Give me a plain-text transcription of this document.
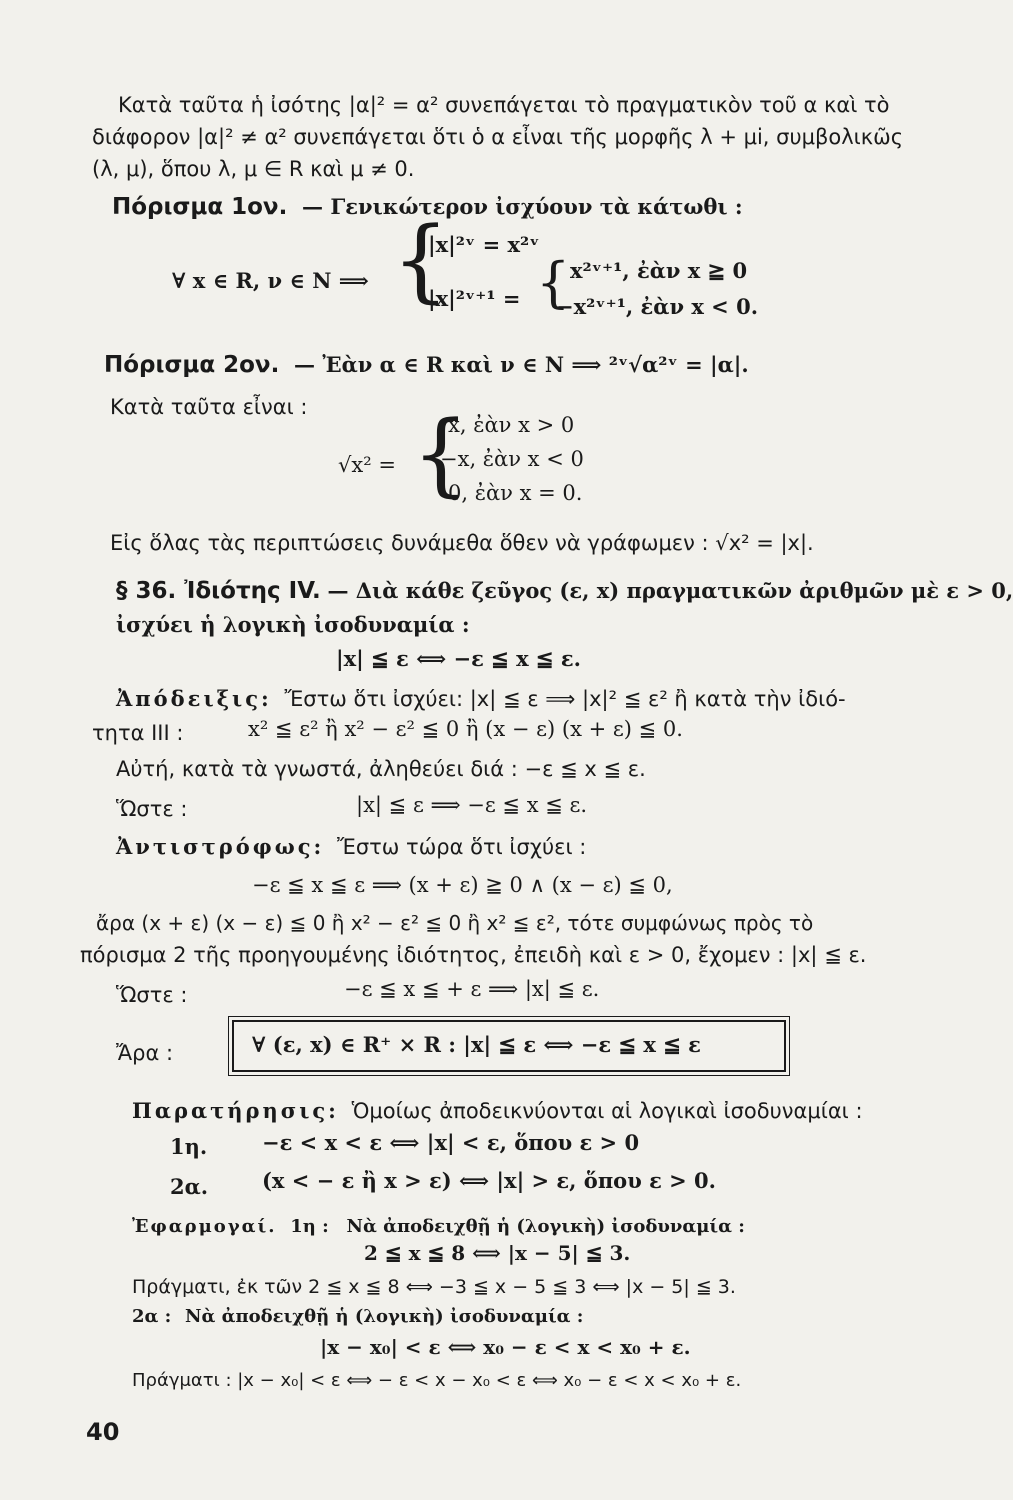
Κατὰ ταῦτα ἡ ἰσότης |α|² = α² συνεπάγεται τὸ πραγματικὸν τοῦ α καὶ τὸ
διάφορον |α|² ≠ α² συνεπάγεται ὅτι ὁ α εἶναι τῆς μορφῆς λ + μi, συμβολικῶς
(λ, μ), ὅπου λ, μ ∈ R καὶ μ ≠ 0.
Πόρισμα 1ον. — Γενικώτερον ἰσχύουν τὰ κάτωθι :
∀ x ∈ R, ν ∈ N ⟹ {
|x|²ᵛ = x²ᵛ
|x|²ᵛ⁺¹ = { x²ᵛ⁺¹, ἐὰν x ≧ 0
−x²ᵛ⁺¹, ἐὰν x < 0.
Πόρισμα 2ον. — Ἐὰν α ∈ R καὶ ν ∈ N ⟹ ²ᵛ√α²ᵛ = |α|.
Κατὰ ταῦτα εἶναι :
√x² = {
x, ἐὰν x > 0
−x, ἐὰν x < 0
0, ἐὰν x = 0.
Εἰς ὅλας τὰς περιπτώσεις δυνάμεθα ὅθεν νὰ γράφωμεν : √x² = |x|.
§ 36. Ἰδιότης IV. — Διὰ κάθε ζεῦγος (ε, x) πραγματικῶν ἀριθμῶν μὲ ε > 0,
ἰσχύει ἡ λογικὴ ἰσοδυναμία :
|x| ≦ ε ⟺ −ε ≦ x ≦ ε.
Ἀπόδειξις: Ἔστω ὅτι ἰσχύει: |x| ≦ ε ⟹ |x|² ≦ ε² ἢ κατὰ τὴν ἰδιό-
τητα III :	x² ≦ ε² ἢ x² − ε² ≦ 0 ἢ (x − ε) (x + ε) ≦ 0.
Αὐτή, κατὰ τὰ γνωστά, ἀληθεύει διά : −ε ≦ x ≦ ε.
Ὥστε :	|x| ≦ ε ⟹ −ε ≦ x ≦ ε.
Ἀντιστρόφως: Ἔστω τώρα ὅτι ἰσχύει :
−ε ≦ x ≦ ε ⟹ (x + ε) ≧ 0 ∧ (x − ε) ≦ 0,
ἄρα (x + ε) (x − ε) ≦ 0 ἢ x² − ε² ≦ 0 ἢ x² ≦ ε², τότε συμφώνως πρὸς τὸ
πόρισμα 2 τῆς προηγουμένης ἰδιότητος, ἐπειδὴ καὶ ε > 0, ἔχομεν : |x| ≦ ε.
Ὥστε :	−ε ≦ x ≦ + ε ⟹ |x| ≦ ε.
Ἄρα :	∀ (ε, x) ∈ R⁺ × R : |x| ≦ ε ⟺ −ε ≦ x ≦ ε
Παρατήρησις: Ὁμοίως ἀποδεικνύονται αἱ λογικαὶ ἰσοδυναμίαι :
1η.	−ε < x < ε ⟺ |x| < ε, ὅπου ε > 0
2α.	(x < − ε ἢ x > ε) ⟺ |x| > ε, ὅπου ε > 0.
Ἐφαρμογαί. 1η : Νὰ ἀποδειχθῇ ἡ (λογικὴ) ἰσοδυναμία :
2 ≦ x ≦ 8 ⟺ |x − 5| ≦ 3.
Πράγματι, ἐκ τῶν 2 ≦ x ≦ 8 ⟺ −3 ≦ x − 5 ≦ 3 ⟺ |x − 5| ≦ 3.
2α : Νὰ ἀποδειχθῇ ἡ (λογικὴ) ἰσοδυναμία :
|x − x₀| < ε ⟺ x₀ − ε < x < x₀ + ε.
Πράγματι : |x − x₀| < ε ⟺ − ε < x − x₀ < ε ⟺ x₀ − ε < x < x₀ + ε.
40
